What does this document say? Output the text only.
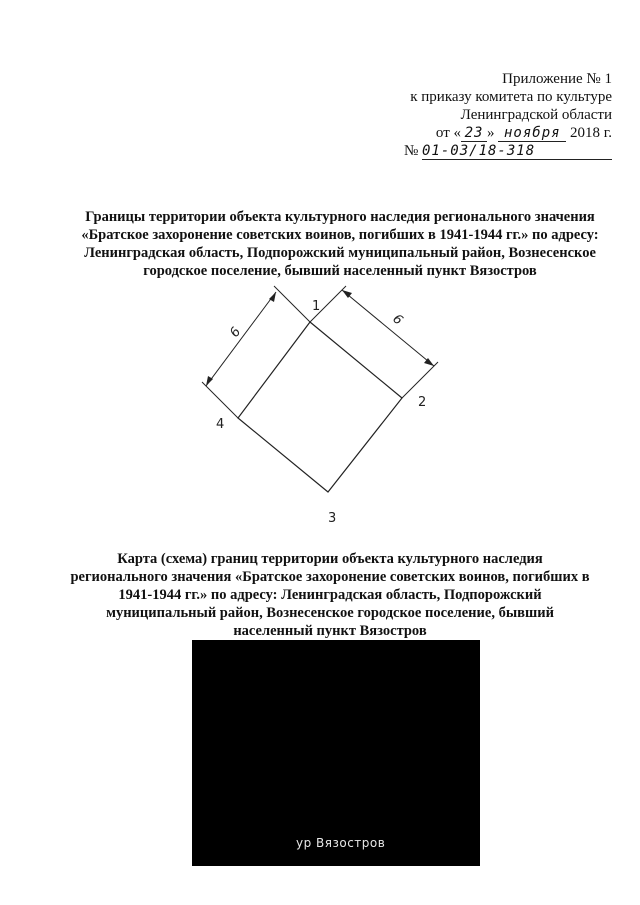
Приложение № 1
к приказу комитета по культуре
Ленинградской области
от « 23 » ноября 2018 г.
№ 01-03/18-318
Границы территории объекта культурного наследия регионального значения «Братское захоронение советских воинов, погибших в 1941-1944 гг.» по адресу: Ленинградская область, Подпорожский муниципальный район, Вознесенское городское поселение, бывший населенный пункт Вязостров
6
6
1
2
3
4
Карта (схема) границ территории объекта культурного наследия регионального значения «Братское захоронение советских воинов, погибших в 1941-1944 гг.» по адресу: Ленинградская область, Подпорожский муниципальный район, Вознесенское городское поселение, бывший населенный пункт Вязостров
ур Вязостров
